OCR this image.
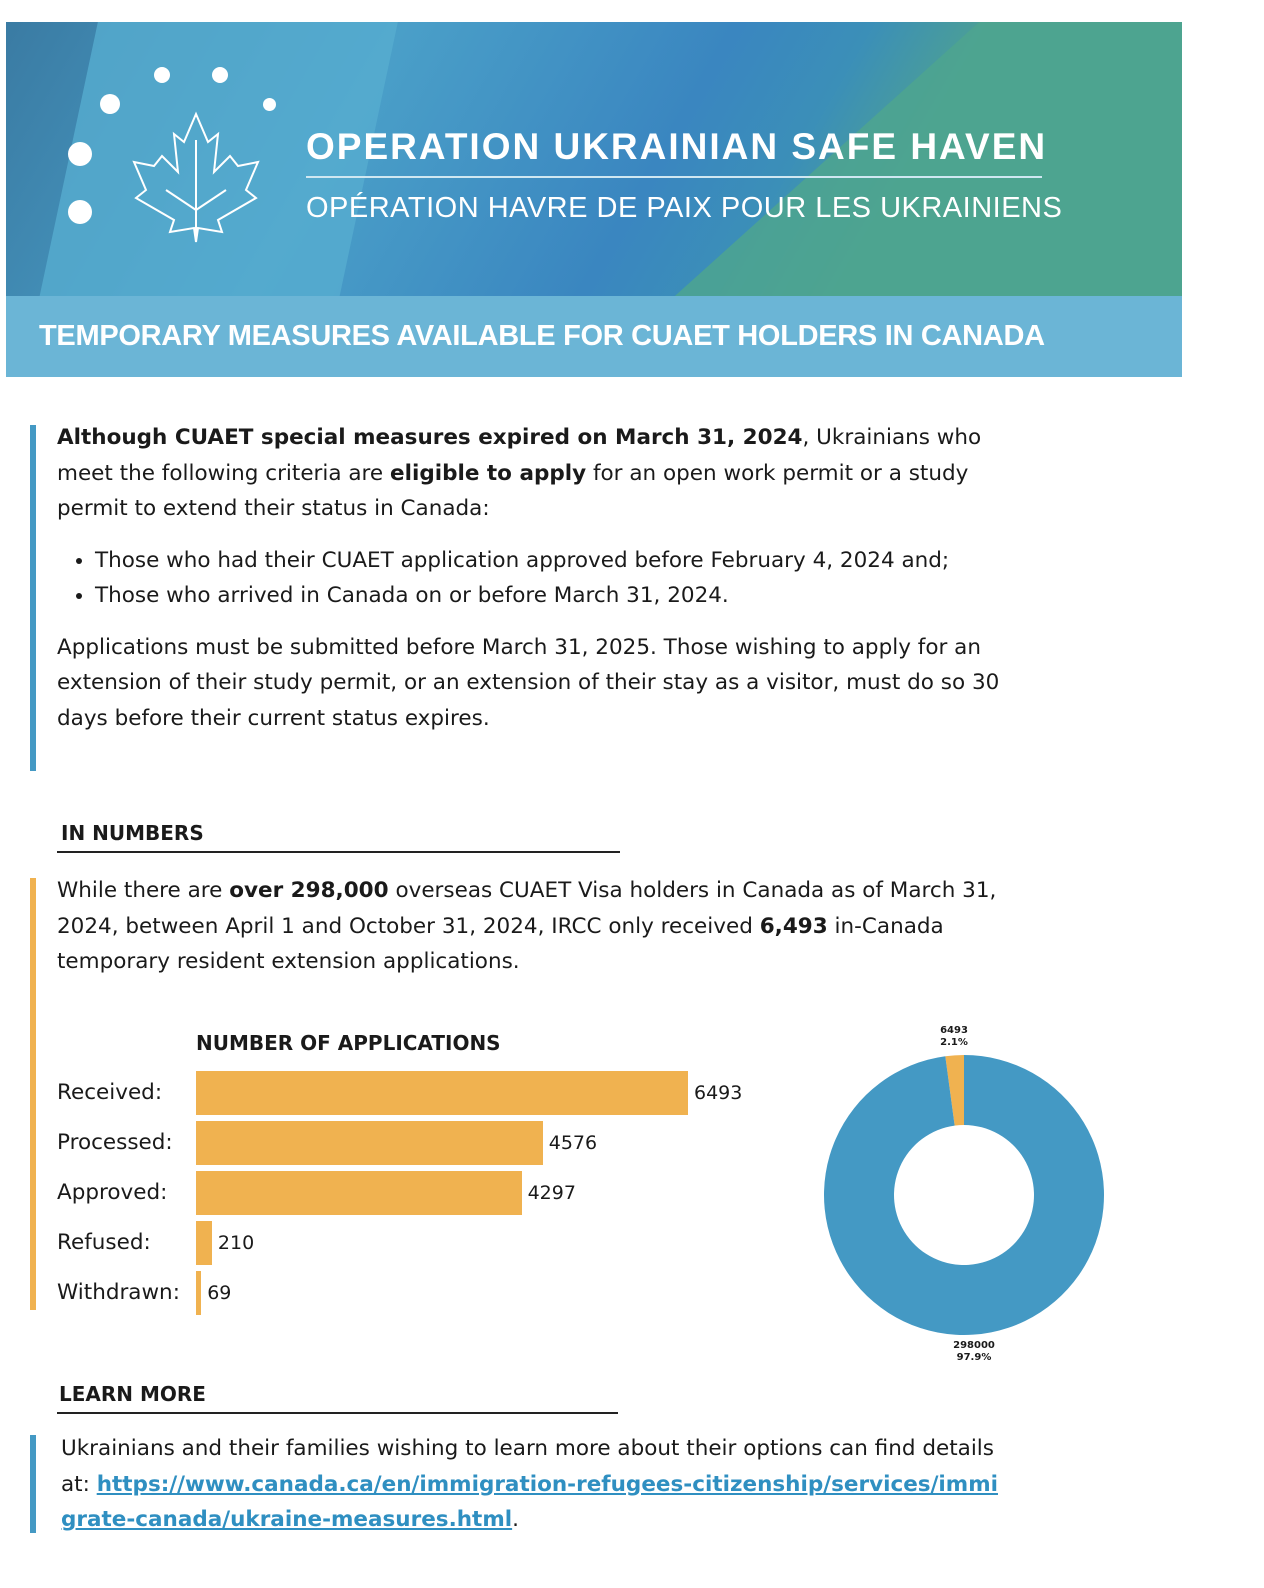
OPERATION UKRAINIAN SAFE HAVEN
OPÉRATION HAVRE DE PAIX POUR LES UKRAINIENS
TEMPORARY MEASURES AVAILABLE FOR CUAET HOLDERS IN CANADA

Although CUAET special measures expired on March 31, 2024, Ukrainians who meet the following criteria are eligible to apply for an open work permit or a study permit to extend their status in Canada:

• Those who had their CUAET application approved before February 4, 2024 and;
• Those who arrived in Canada on or before March 31, 2024.

Applications must be submitted before March 31, 2025. Those wishing to apply for an extension of their study permit, or an extension of their stay as a visitor, must do so 30 days before their current status expires.

IN NUMBERS
While there are over 298,000 overseas CUAET Visa holders in Canada as of March 31, 2024, between April 1 and October 31, 2024, IRCC only received 6,493 in-Canada temporary resident extension applications.
NUMBER OF APPLICATIONS
Received:	6493
Processed:	4576
Approved:	4297
Refused:	210
Withdrawn: 69
6493
2.1%
298000
97.9%
LEARN MORE
Ukrainians and their families wishing to learn more about their options can find details at: https://www.canada.ca/en/immigration-refugees-citizenship/services/immigrate-canada/ukraine-measures.html.
